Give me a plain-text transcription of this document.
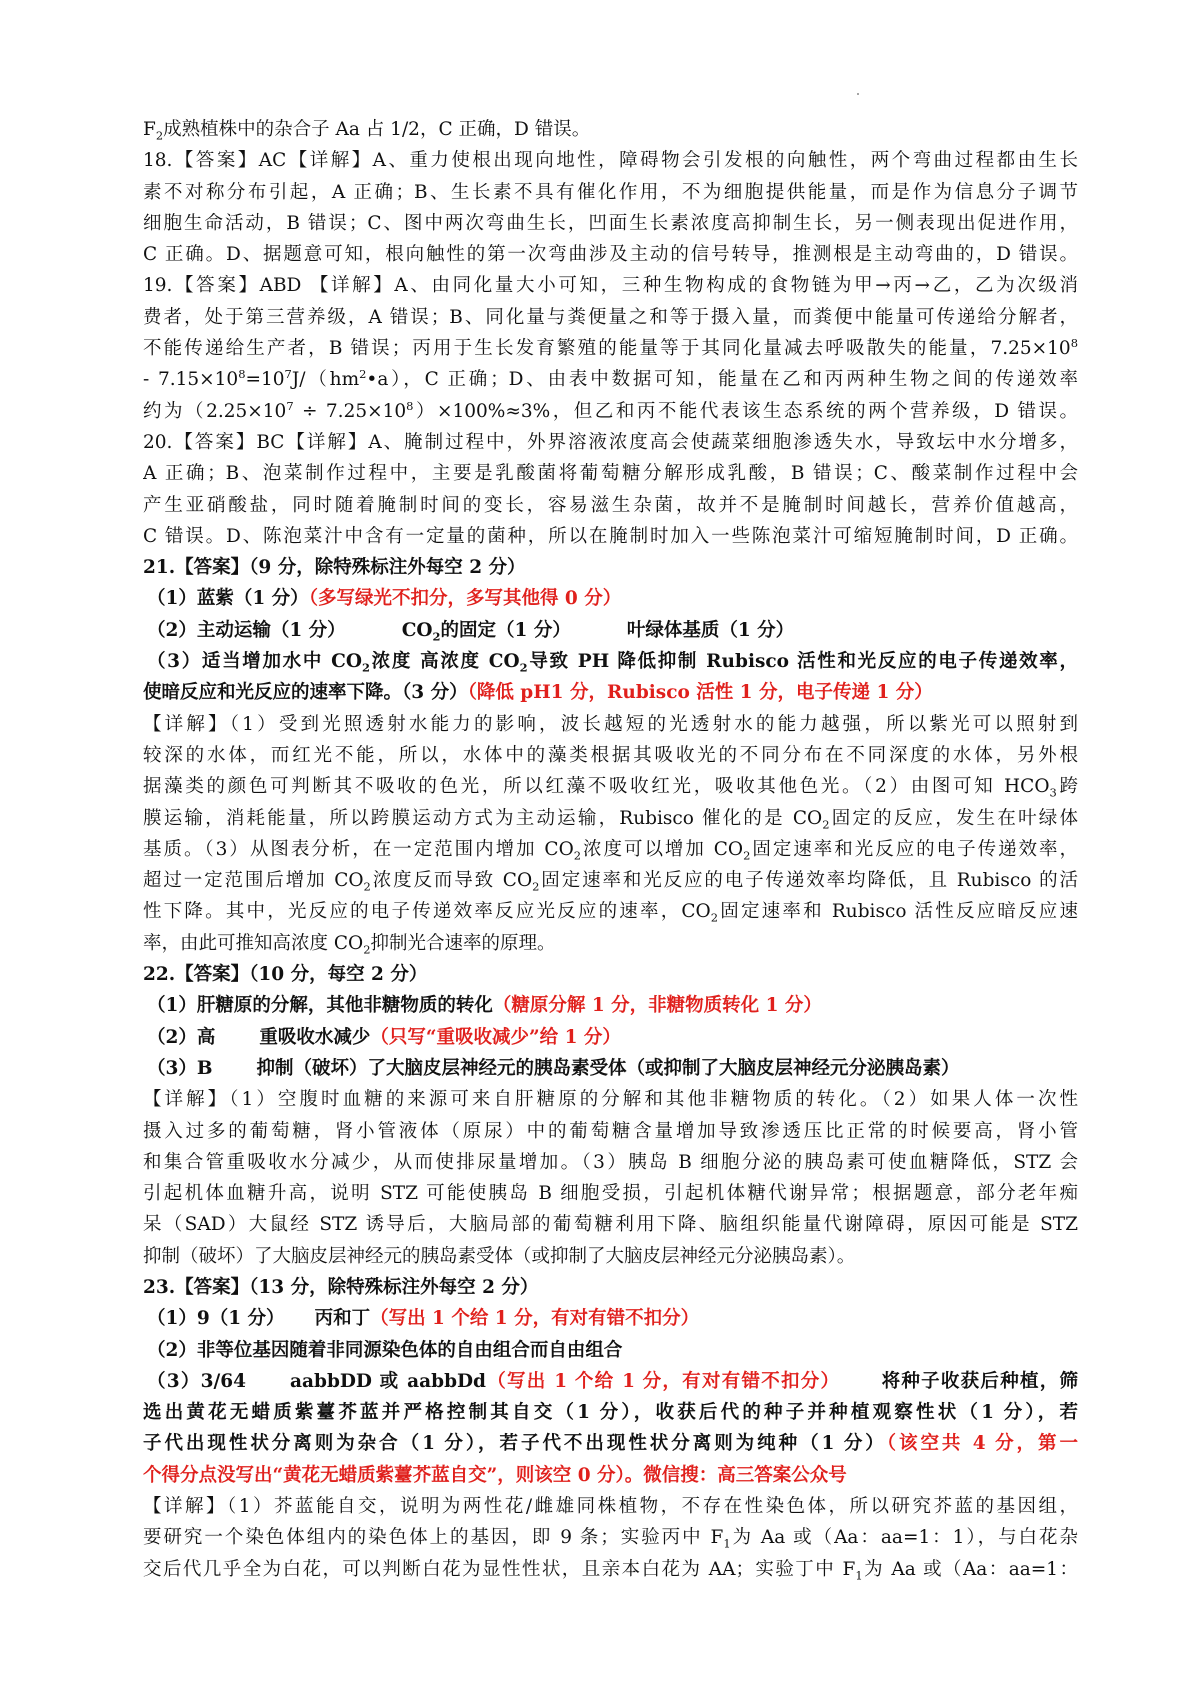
$F_2$成熟植株中的杂合子 Aa 占 1/2，C 正确，D 错误。
18.【答案】AC【详解】A、重力使根出现向地性，障碍物会引发根的向触性，两个弯曲过程都由生长
素不对称分布引起，A 正确；B、生长素不具有催化作用，不为细胞提供能量，而是作为信息分子调节
细胞生命活动，B 错误；C、图中两次弯曲生长，凹面生长素浓度高抑制生长，另一侧表现出促进作用，
C 正确。D、据题意可知，根向触性的第一次弯曲涉及主动的信号转导，推测根是主动弯曲的，D 错误。
19.【答案】ABD 【详解】A、由同化量大小可知，三种生物构成的食物链为甲→丙→乙，乙为次级消
费者，处于第三营养级，A 错误；B、同化量与粪便量之和等于摄入量，而粪便中能量可传递给分解者，
不能传递给生产者，B 错误；丙用于生长发育繁殖的能量等于其同化量减去呼吸散失的能量，$7.25\times 10^8$
- $7.15\times 10^8=10^7J/(hm^2•a)$，C 正确；D、由表中数据可知，能量在乙和丙两种生物之间的传递效率
约为$(2.25\times 10^7 \div 7.25\times 10^8)\times 100\%\approx 3\%$，但乙和丙不能代表该生态系统的两个营养级，D 错误。
20.【答案】BC【详解】A、腌制过程中，外界溶液浓度高会使蔬菜细胞渗透失水，导致坛中水分增多，
A 正确；B、泡菜制作过程中，主要是乳酸菌将葡萄糖分解形成乳酸，B 错误；C、酸菜制作过程中会
产生亚硝酸盐，同时随着腌制时间的变长，容易滋生杂菌，故并不是腌制时间越长，营养价值越高，
C 错误。D、陈泡菜汁中含有一定量的菌种，所以在腌制时加入一些陈泡菜汁可缩短腌制时间，D 正确。
21.【答案】（9 分，除特殊标注外每空 2 分）
（1）蓝紫（1 分）（多写绿光不扣分，多写其他得 0 分）
（2）主动运输（1 分）	$CO_2$的固定（1 分）	叶绿体基质（1 分）
（3）适当增加水中 $CO_2$浓度 高浓度 $CO_2$导致 PH 降低抑制 Rubisco 活性和光反应的电子传递效率，
使暗反应和光反应的速率下降。（3 分）（降低 pH1 分，Rubisco 活性 1 分，电子传递 1 分）
【详解】（1）受到光照透射水能力的影响，波长越短的光透射水的能力越强，所以紫光可以照射到
较深的水体，而红光不能，所以，水体中的藻类根据其吸收光的不同分布在不同深度的水体，另外根
据藻类的颜色可判断其不吸收的色光，所以红藻不吸收红光，吸收其他色光。（2）由图可知 $HCO_3$跨
膜运输，消耗能量，所以跨膜运动方式为主动运输，Rubisco 催化的是 $CO_2$固定的反应，发生在叶绿体
基质。（3）从图表分析，在一定范围内增加 $CO_2$浓度可以增加 $CO_2$固定速率和光反应的电子传递效率，
超过一定范围后增加 $CO_2$浓度反而导致 $CO_2$固定速率和光反应的电子传递效率均降低，且 Rubisco 的活
性下降。其中，光反应的电子传递效率反应光反应的速率，$CO_2$固定速率和 Rubisco 活性反应暗反应速
率，由此可推知高浓度 $CO_2$抑制光合速率的原理。
22.【答案】（10 分，每空 2 分）
（1）肝糖原的分解，其他非糖物质的转化（糖原分解 1 分，非糖物质转化 1 分）
（2）高 重吸收水减少（只写“重吸收减少”给 1 分）
（3）B 抑制（破坏）了大脑皮层神经元的胰岛素受体（或抑制了大脑皮层神经元分泌胰岛素）
【详解】（1）空腹时血糖的来源可来自肝糖原的分解和其他非糖物质的转化。（2）如果人体一次性
摄入过多的葡萄糖，肾小管液体（原尿）中的葡萄糖含量增加导致渗透压比正常的时候要高，肾小管
和集合管重吸收水分减少，从而使排尿量增加。（3）胰岛 B 细胞分泌的胰岛素可使血糖降低，STZ 会
引起机体血糖升高，说明 STZ 可能使胰岛 B 细胞受损，引起机体糖代谢异常；根据题意，部分老年痴
呆（SAD）大鼠经 STZ 诱导后，大脑局部的葡萄糖利用下降、脑组织能量代谢障碍，原因可能是 STZ
抑制（破坏）了大脑皮层神经元的胰岛素受体（或抑制了大脑皮层神经元分泌胰岛素）。
23.【答案】（13 分，除特殊标注外每空 2 分）
（1）9（1 分） 丙和丁（写出 1 个给 1 分，有对有错不扣分）
（2）非等位基因随着非同源染色体的自由组合而自由组合
（3）3/64 aabbDD 或 aabbDd（写出 1 个给 1 分，有对有错不扣分） 将种子收获后种植，筛
选出黄花无蜡质紫薹芥蓝并严格控制其自交（1 分），收获后代的种子并种植观察性状（1 分），若
子代出现性状分离则为杂合（1 分），若子代不出现性状分离则为纯种（1 分）（该空共 4 分，第一
个得分点没写出“黄花无蜡质紫薹芥蓝自交”，则该空 0 分）。微信搜：高三答案公众号
【详解】（1）芥蓝能自交，说明为两性花/雌雄同株植物，不存在性染色体，所以研究芥蓝的基因组，
要研究一个染色体组内的染色体上的基因，即 9 条；实验丙中 $F_1$为 Aa 或（Aa：aa=1：1），与白花杂
交后代几乎全为白花，可以判断白花为显性性状，且亲本白花为 AA；实验丁中 $F_1$为 Aa 或（Aa：aa=1：
